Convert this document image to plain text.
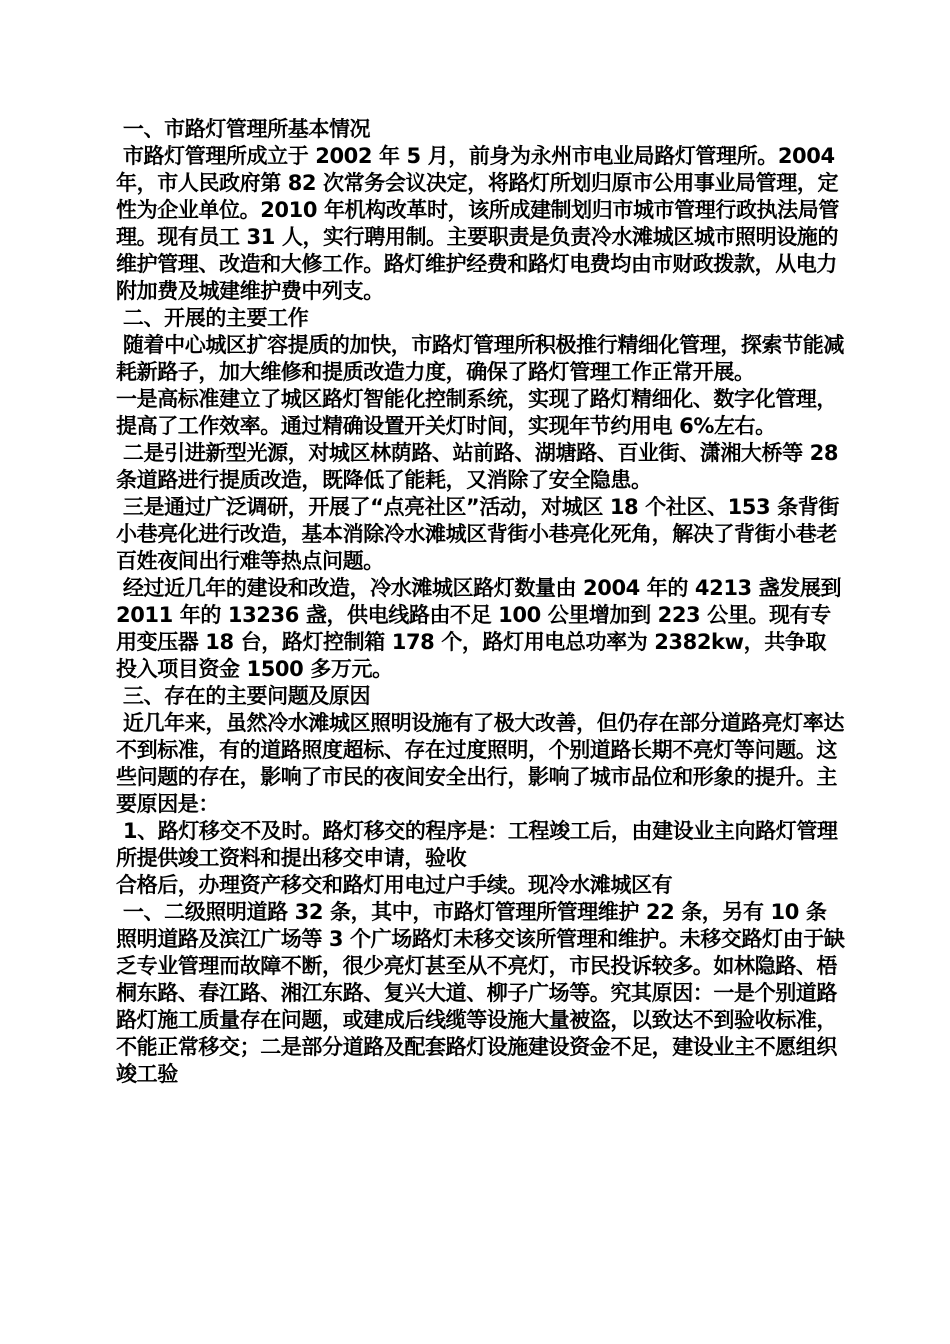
一、市路灯管理所基本情况

市路灯管理所成立于 2002 年 5 月，前身为永州市电业局路灯管理所。2004 年，市人民政府第 82 次常务会议决定，将路灯所划归原市公用事业局管理，定性为企业单位。2010 年机构改革时，该所成建制划归市城市管理行政执法局管理。现有员工 31 人，实行聘用制。主要职责是负责冷水滩城区城市照明设施的维护管理、改造和大修工作。路灯维护经费和路灯电费均由市财政拨款，从电力附加费及城建维护费中列支。

二、开展的主要工作

随着中心城区扩容提质的加快，市路灯管理所积极推行精细化管理，探索节能减耗新路子，加大维修和提质改造力度，确保了路灯管理工作正常开展。

一是高标准建立了城区路灯智能化控制系统，实现了路灯精细化、数字化管理，提高了工作效率。通过精确设置开关灯时间，实现年节约用电 6%左右。

二是引进新型光源，对城区林荫路、站前路、湖塘路、百业街、潇湘大桥等 28 条道路进行提质改造，既降低了能耗，又消除了安全隐患。

三是通过广泛调研，开展了“点亮社区”活动，对城区 18 个社区、153 条背街小巷亮化进行改造，基本消除冷水滩城区背街小巷亮化死角，解决了背街小巷老百姓夜间出行难等热点问题。

经过近几年的建设和改造，冷水滩城区路灯数量由 2004 年的 4213 盏发展到 2011 年的 13236 盏，供电线路由不足 100 公里增加到 223 公里。现有专用变压器 18 台，路灯控制箱 178 个，路灯用电总功率为 2382kw，共争取投入项目资金 1500 多万元。

三、存在的主要问题及原因

近几年来，虽然冷水滩城区照明设施有了极大改善，但仍存在部分道路亮灯率达不到标准，有的道路照度超标、存在过度照明，个别道路长期不亮灯等问题。这些问题的存在，影响了市民的夜间安全出行，影响了城市品位和形象的提升。主要原因是：

1、路灯移交不及时。路灯移交的程序是：工程竣工后，由建设业主向路灯管理所提供竣工资料和提出移交申请，验收

合格后，办理资产移交和路灯用电过户手续。现冷水滩城区有

一、二级照明道路 32 条，其中，市路灯管理所管理维护 22 条，另有 10 条照明道路及滨江广场等 3 个广场路灯未移交该所管理和维护。未移交路灯由于缺乏专业管理而故障不断，很少亮灯甚至从不亮灯，市民投诉较多。如林隐路、梧桐东路、春江路、湘江东路、复兴大道、柳子广场等。究其原因：一是个别道路路灯施工质量存在问题，或建成后线缆等设施大量被盗，以致达不到验收标准，不能正常移交；二是部分道路及配套路灯设施建设资金不足，建设业主不愿组织竣工验
